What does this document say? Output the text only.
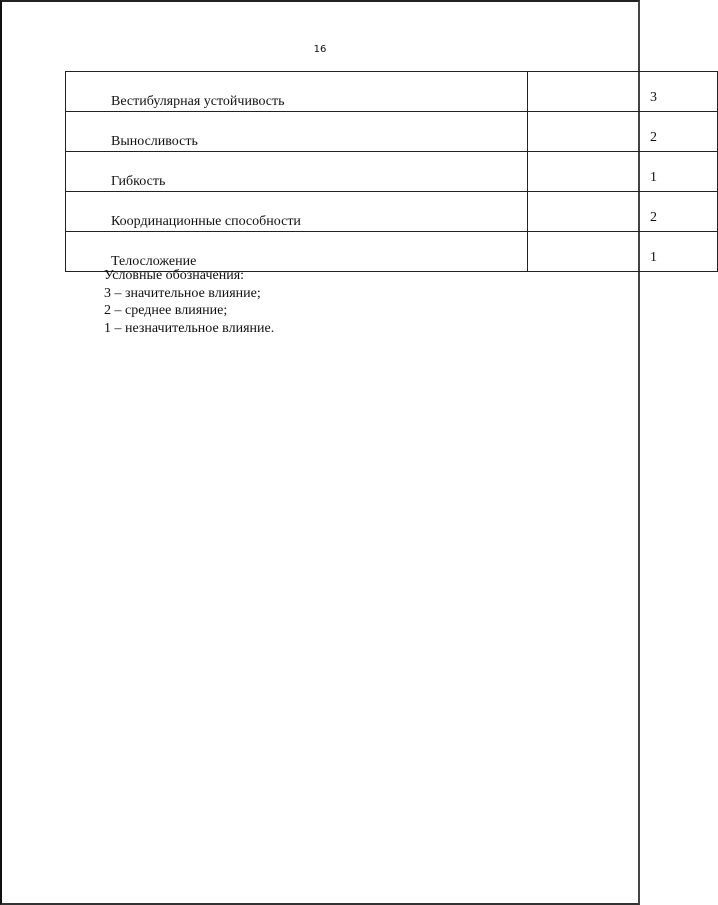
16
Вестибулярная устойчивость	3
Выносливость	2
Гибкость	1
Координационные способности	2
Телосложение	1
Условные обозначения:
3 – значительное влияние;
2 – среднее влияние;
1 – незначительное влияние.
